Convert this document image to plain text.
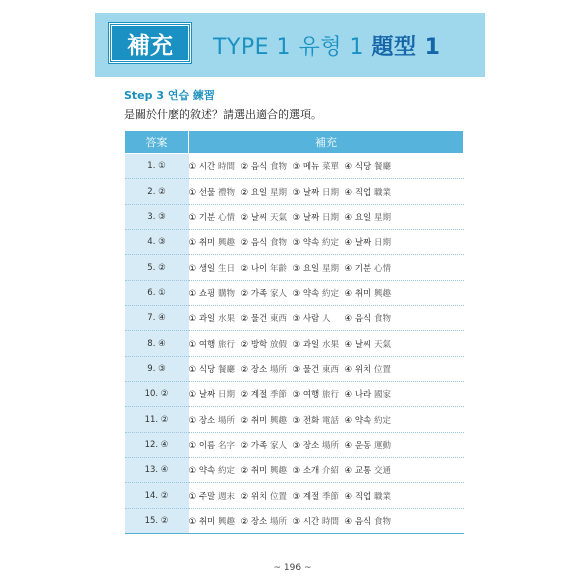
補充	TYPE 1 유형 1 題型 1
Step 3 연습 練習
是關於什麼的敘述？請選出適合的選項。
答案	補充
1. ①	① 시간 時間 ② 음식 食物 ③ 메뉴 菜單 ④ 식당 餐廳

2. ②	① 선물 禮物 ② 요일 星期 ③ 날짜 日期 ④ 직업 職業

3. ③	① 기분 心情 ② 날씨 天氣 ③ 날짜 日期 ④ 요일 星期

4. ③	① 취미 興趣 ② 음식 食物 ③ 약속 約定 ④ 날짜 日期

5. ②	① 생일 生日 ② 나이 年齡 ③ 요일 星期 ④ 기분 心情

6. ①	① 쇼핑 購物 ② 가족 家人 ③ 약속 約定 ④ 취미 興趣

7. ④	① 과일 水果 ② 물건 東西 ③ 사람 人 ④ 음식 食物

8. ④	① 여행 旅行 ② 방학 放假 ③ 과일 水果 ④ 날씨 天氣

9. ③	① 식당 餐廳 ② 장소 場所 ③ 물건 東西 ④ 위치 位置

10. ②	① 날짜 日期 ② 계절 季節 ③ 여행 旅行 ④ 나라 國家

11. ②	① 장소 場所 ② 취미 興趣 ③ 전화 電話 ④ 약속 約定

12. ④	① 이름 名字 ② 가족 家人 ③ 장소 場所 ④ 운동 運動

13. ④	① 약속 約定 ② 취미 興趣 ③ 소개 介紹 ④ 교통 交通

14. ②	① 주말 週末 ② 위치 位置 ③ 계절 季節 ④ 직업 職業

15. ②	① 취미 興趣 ② 장소 場所 ③ 시간 時間 ④ 음식 食物
~ 196 ~
